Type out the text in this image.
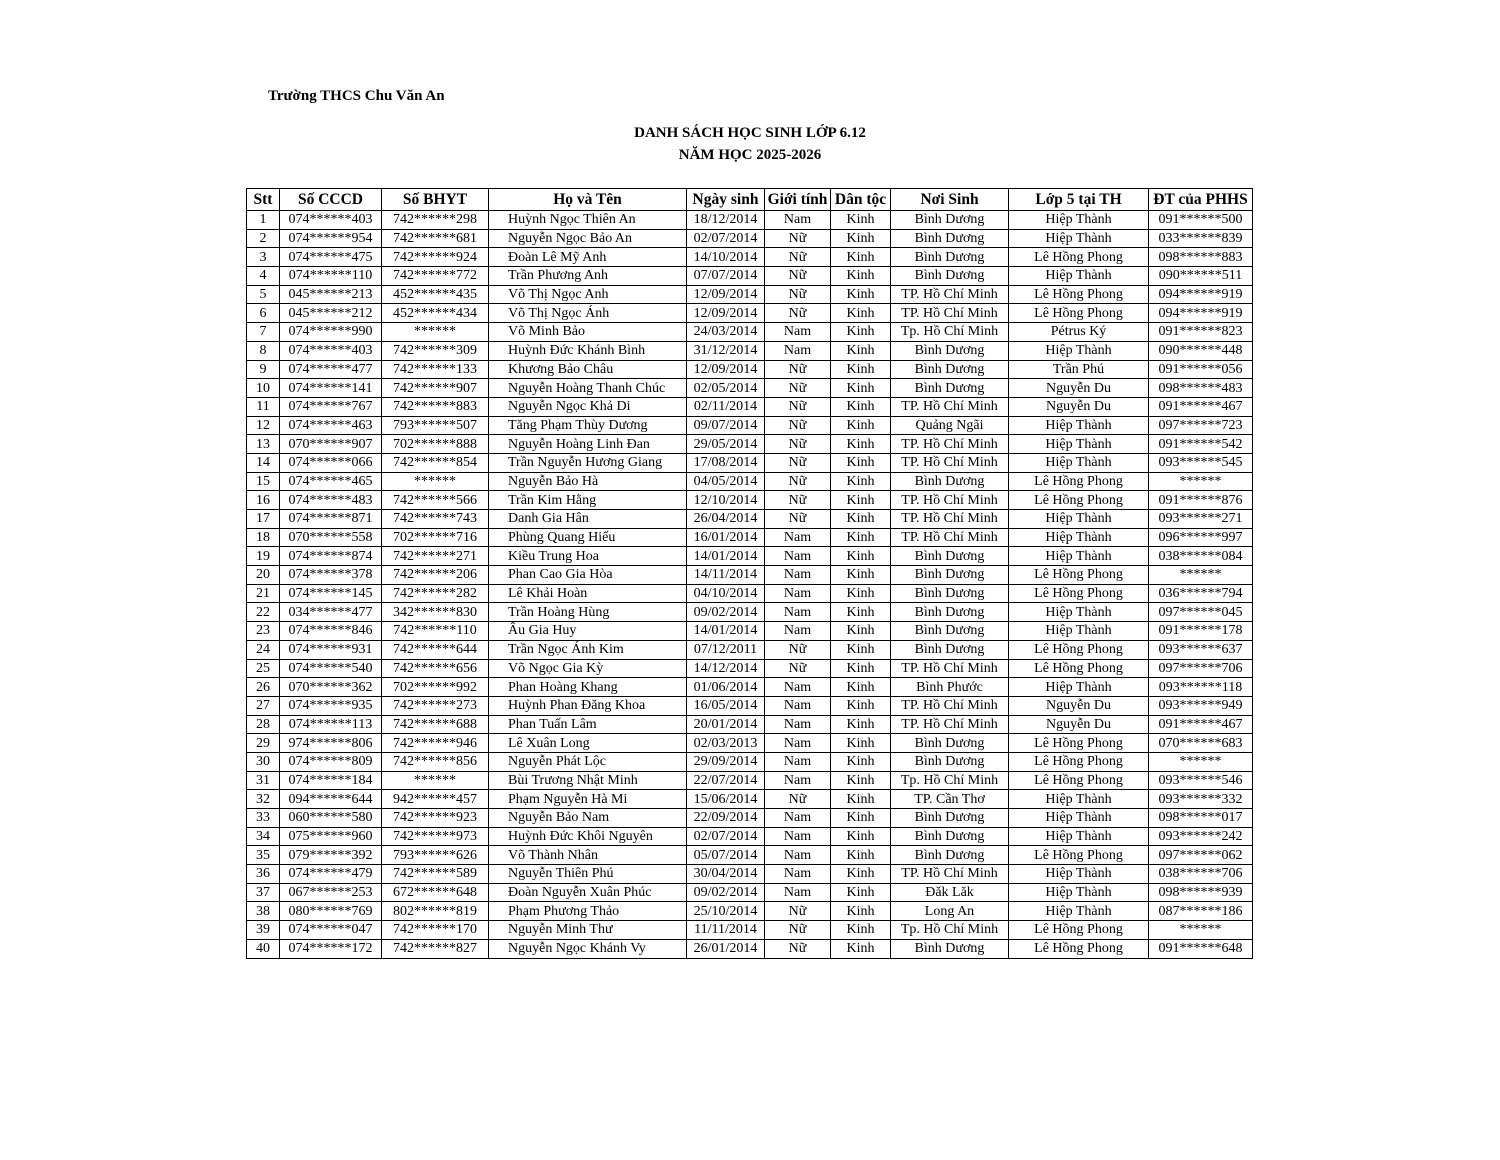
Trường THCS Chu Văn An
DANH SÁCH HỌC SINH LỚP 6.12
NĂM HỌC 2025-2026
Stt	Số CCCD	Số BHYT	Họ và Tên	Ngày sinh	Giới tính	Dân tộc	Nơi Sinh	Lớp 5 tại TH	ĐT của PHHS
1	074******403	742******298	Huỳnh Ngọc Thiên An	18/12/2014	Nam	Kinh	Bình Dương	Hiệp Thành	091******500
2	074******954	742******681	Nguyễn Ngọc Bảo An	02/07/2014	Nữ	Kinh	Bình Dương	Hiệp Thành	033******839
3	074******475	742******924	Đoàn Lê Mỹ Anh	14/10/2014	Nữ	Kinh	Bình Dương	Lê Hồng Phong	098******883
4	074******110	742******772	Trần Phương Anh	07/07/2014	Nữ	Kinh	Bình Dương	Hiệp Thành	090******511
5	045******213	452******435	Võ Thị Ngọc Anh	12/09/2014	Nữ	Kinh	TP. Hồ Chí Minh	Lê Hồng Phong	094******919
6	045******212	452******434	Võ Thị Ngọc Ánh	12/09/2014	Nữ	Kinh	TP. Hồ Chí Minh	Lê Hồng Phong	094******919
7	074******990	******	Võ Minh Bảo	24/03/2014	Nam	Kinh	Tp. Hồ Chí Minh	Pétrus Ký	091******823
8	074******403	742******309	Huỳnh Đức Khánh Bình	31/12/2014	Nam	Kinh	Bình Dương	Hiệp Thành	090******448
9	074******477	742******133	Khương Bảo Châu	12/09/2014	Nữ	Kinh	Bình Dương	Trần Phú	091******056
10	074******141	742******907	Nguyễn Hoàng Thanh Chúc	02/05/2014	Nữ	Kinh	Bình Dương	Nguyễn Du	098******483
11	074******767	742******883	Nguyễn Ngọc Khả Di	02/11/2014	Nữ	Kinh	TP. Hồ Chí Minh	Nguyễn Du	091******467
12	074******463	793******507	Tăng Phạm Thùy Dương	09/07/2014	Nữ	Kinh	Quảng Ngãi	Hiệp Thành	097******723
13	070******907	702******888	Nguyễn Hoàng Linh Đan	29/05/2014	Nữ	Kinh	TP. Hồ Chí Minh	Hiệp Thành	091******542
14	074******066	742******854	Trần Nguyễn Hương Giang	17/08/2014	Nữ	Kinh	TP. Hồ Chí Minh	Hiệp Thành	093******545
15	074******465	******	Nguyễn Bảo Hà	04/05/2014	Nữ	Kinh	Bình Dương	Lê Hồng Phong	******
16	074******483	742******566	Trần Kim Hằng	12/10/2014	Nữ	Kinh	TP. Hồ Chí Minh	Lê Hồng Phong	091******876
17	074******871	742******743	Danh Gia Hân	26/04/2014	Nữ	Kinh	TP. Hồ Chí Minh	Hiệp Thành	093******271
18	070******558	702******716	Phùng Quang Hiếu	16/01/2014	Nam	Kinh	TP. Hồ Chí Minh	Hiệp Thành	096******997
19	074******874	742******271	Kiều Trung Hoa	14/01/2014	Nam	Kinh	Bình Dương	Hiệp Thành	038******084
20	074******378	742******206	Phan Cao Gia Hòa	14/11/2014	Nam	Kinh	Bình Dương	Lê Hồng Phong	******
21	074******145	742******282	Lê Khải Hoàn	04/10/2014	Nam	Kinh	Bình Dương	Lê Hồng Phong	036******794
22	034******477	342******830	Trần Hoàng Hùng	09/02/2014	Nam	Kinh	Bình Dương	Hiệp Thành	097******045
23	074******846	742******110	Âu Gia Huy	14/01/2014	Nam	Kinh	Bình Dương	Hiệp Thành	091******178
24	074******931	742******644	Trần Ngọc Ánh Kim	07/12/2011	Nữ	Kinh	Bình Dương	Lê Hồng Phong	093******637
25	074******540	742******656	Võ Ngọc Gia Kỳ	14/12/2014	Nữ	Kinh	TP. Hồ Chí Minh	Lê Hồng Phong	097******706
26	070******362	702******992	Phan Hoàng Khang	01/06/2014	Nam	Kinh	Bình Phước	Hiệp Thành	093******118
27	074******935	742******273	Huỳnh Phan Đăng Khoa	16/05/2014	Nam	Kinh	TP. Hồ Chí Minh	Nguyễn Du	093******949
28	074******113	742******688	Phan Tuấn Lâm	20/01/2014	Nam	Kinh	TP. Hồ Chí Minh	Nguyễn Du	091******467
29	974******806	742******946	Lê Xuân Long	02/03/2013	Nam	Kinh	Bình Dương	Lê Hồng Phong	070******683
30	074******809	742******856	Nguyễn Phát Lộc	29/09/2014	Nam	Kinh	Bình Dương	Lê Hồng Phong	******
31	074******184	******	Bùi Trương Nhật Minh	22/07/2014	Nam	Kinh	Tp. Hồ Chí Minh	Lê Hồng Phong	093******546
32	094******644	942******457	Phạm Nguyễn Hà Mi	15/06/2014	Nữ	Kinh	TP. Cần Thơ	Hiệp Thành	093******332
33	060******580	742******923	Nguyễn Bảo Nam	22/09/2014	Nam	Kinh	Bình Dương	Hiệp Thành	098******017
34	075******960	742******973	Huỳnh Đức Khôi Nguyên	02/07/2014	Nam	Kinh	Bình Dương	Hiệp Thành	093******242
35	079******392	793******626	Võ Thành Nhân	05/07/2014	Nam	Kinh	Bình Dương	Lê Hồng Phong	097******062
36	074******479	742******589	Nguyễn Thiên Phú	30/04/2014	Nam	Kinh	TP. Hồ Chí Minh	Hiệp Thành	038******706
37	067******253	672******648	Đoàn Nguyễn Xuân Phúc	09/02/2014	Nam	Kinh	Đăk Lăk	Hiệp Thành	098******939
38	080******769	802******819	Phạm Phương Thảo	25/10/2014	Nữ	Kinh	Long An	Hiệp Thành	087******186
39	074******047	742******170	Nguyễn Minh Thư	11/11/2014	Nữ	Kinh	Tp. Hồ Chí Minh	Lê Hồng Phong	******
40	074******172	742******827	Nguyễn Ngọc Khánh Vy	26/01/2014	Nữ	Kinh	Bình Dương	Lê Hồng Phong	091******648
